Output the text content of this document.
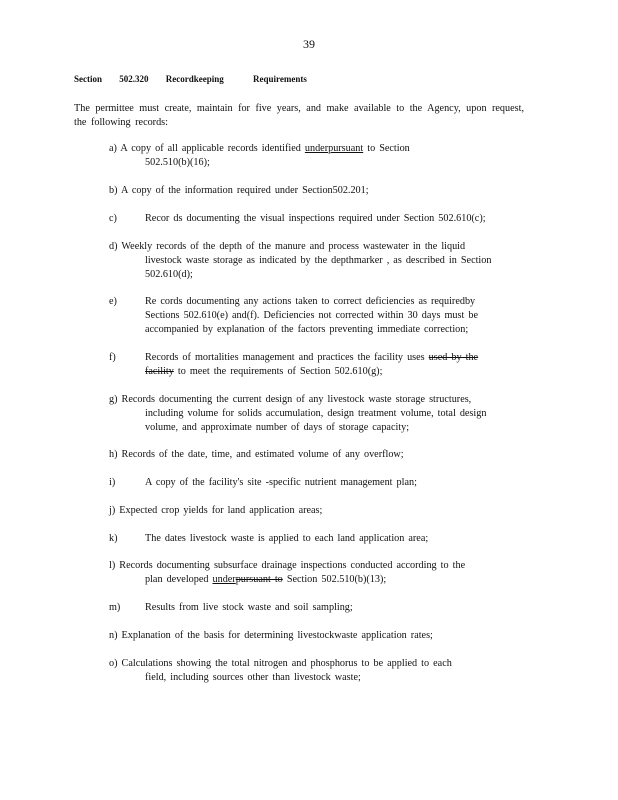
39
Section 502.320 Recordkeeping	Requirements
The permittee must create, maintain for five years, and make available to the Agency, upon request, the following records:
a) A copy of all applicable records identified underpursuant to Section
502.510(b)(16);
b) A copy of the information required under Section502.201;
c)	Recor ds documenting the visual inspections required under Section 502.610(c);
d) Weekly records of the depth of the manure and process wastewater in the liquid
livestock waste storage as indicated by the depthmarker , as described in Section
502.610(d);
e)	Re cords documenting any actions taken to correct deficiencies as requiredby
Sections 502.610(e) and(f). Deficiencies not corrected within 30 days must be
accompanied by explanation of the factors preventing immediate correction;
f)	Records of mortalities management and practices the facility uses used by the
facility to meet the requirements of Section 502.610(g);
g) Records documenting the current design of any livestock waste storage structures,
including volume for solids accumulation, design treatment volume, total design
volume, and approximate number of days of storage capacity;
h) Records of the date, time, and estimated volume of any overflow;
i)	A copy of the facility's site -specific nutrient management plan;
j) Expected crop yields for land application areas;
k)	The dates livestock waste is applied to each land application area;
l) Records documenting subsurface drainage inspections conducted according to the
plan developed underpursuant to Section 502.510(b)(13);
m) Results from live stock waste and soil sampling;
n) Explanation of the basis for determining livestockwaste application rates;
o) Calculations showing the total nitrogen and phosphorus to be applied to each
field, including sources other than livestock waste;
